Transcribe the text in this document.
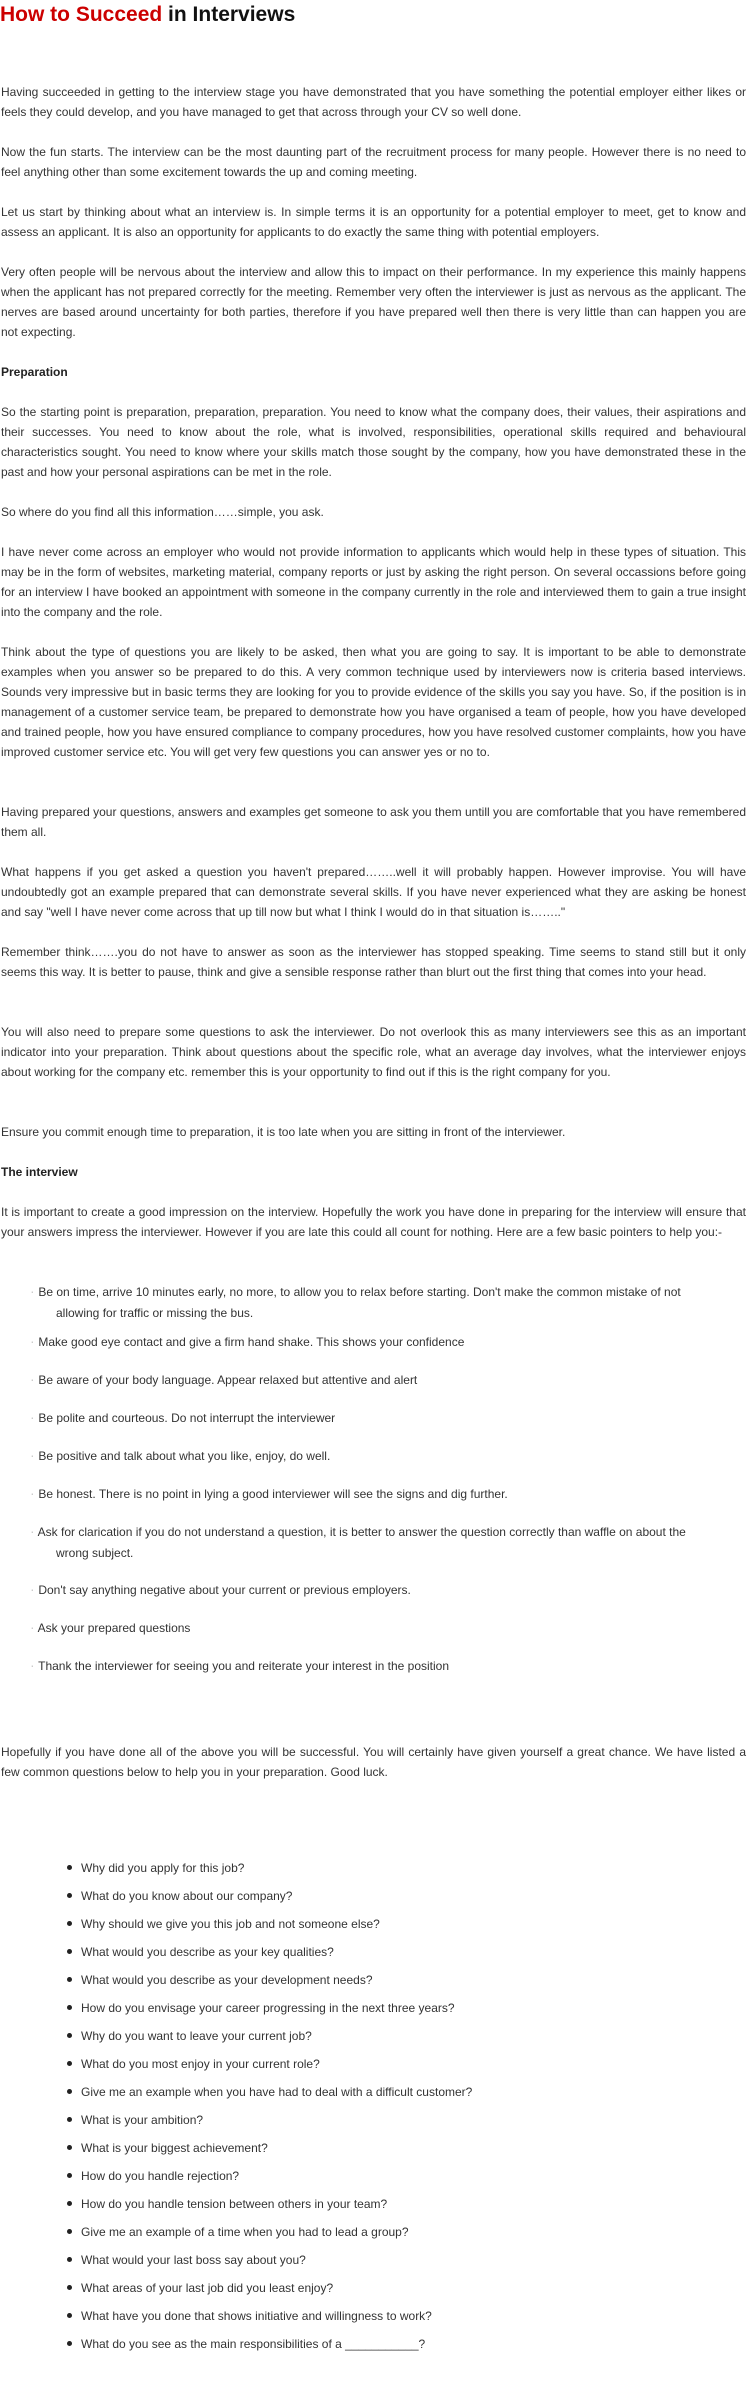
How to Succeed in Interviews

Having succeeded in getting to the interview stage you have demonstrated that you have something the potential employer either likes or feels they could develop, and you have managed to get that across through your CV so well done.

Now the fun starts. The interview can be the most daunting part of the recruitment process for many people. However there is no need to feel anything other than some excitement towards the up and coming meeting.

Let us start by thinking about what an interview is. In simple terms it is an opportunity for a potential employer to meet, get to know and assess an applicant. It is also an opportunity for applicants to do exactly the same thing with potential employers.

Very often people will be nervous about the interview and allow this to impact on their performance. In my experience this mainly happens when the applicant has not prepared correctly for the meeting. Remember very often the interviewer is just as nervous as the applicant. The nerves are based around uncertainty for both parties, therefore if you have prepared well then there is very little than can happen you are not expecting.

Preparation

So the starting point is preparation, preparation, preparation. You need to know what the company does, their values, their aspirations and their successes. You need to know about the role, what is involved, responsibilities, operational skills required and behavioural characteristics sought. You need to know where your skills match those sought by the company, how you have demonstrated these in the past and how your personal aspirations can be met in the role.

So where do you find all this information……simple, you ask.

I have never come across an employer who would not provide information to applicants which would help in these types of situation. This may be in the form of websites, marketing material, company reports or just by asking the right person. On several occassions before going for an interview I have booked an appointment with someone in the company currently in the role and interviewed them to gain a true insight into the company and the role.

Think about the type of questions you are likely to be asked, then what you are going to say. It is important to be able to demonstrate examples when you answer so be prepared to do this. A very common technique used by interviewers now is criteria based interviews. Sounds very impressive but in basic terms they are looking for you to provide evidence of the skills you say you have. So, if the position is in management of a customer service team, be prepared to demonstrate how you have organised a team of people, how you have developed and trained people, how you have ensured compliance to company procedures, how you have resolved customer complaints, how you have improved customer service etc. You will get very few questions you can answer yes or no to.

Having prepared your questions, answers and examples get someone to ask you them untill you are comfortable that you have remembered them all.

What happens if you get asked a question you haven't prepared……..well it will probably happen. However improvise. You will have undoubtedly got an example prepared that can demonstrate several skills. If you have never experienced what they are asking be honest and say "well I have never come across that up till now but what I think I would do in that situation is…….."

Remember think…….you do not have to answer as soon as the interviewer has stopped speaking. Time seems to stand still but it only seems this way. It is better to pause, think and give a sensible response rather than blurt out the first thing that comes into your head.

You will also need to prepare some questions to ask the interviewer. Do not overlook this as many interviewers see this as an important indicator into your preparation. Think about questions about the specific role, what an average day involves, what the interviewer enjoys about working for the company etc. remember this is your opportunity to find out if this is the right company for you.

Ensure you commit enough time to preparation, it is too late when you are sitting in front of the interviewer.

The interview

It is important to create a good impression on the interview. Hopefully the work you have done in preparing for the interview will ensure that your answers impress the interviewer. However if you are late this could all count for nothing. Here are a few basic pointers to help you:-

· Be on time, arrive 10 minutes early, no more, to allow you to relax before starting. Don't make the common mistake of not
allowing for traffic or missing the bus.
· Make good eye contact and give a firm hand shake. This shows your confidence
· Be aware of your body language. Appear relaxed but attentive and alert
· Be polite and courteous. Do not interrupt the interviewer
· Be positive and talk about what you like, enjoy, do well.
· Be honest. There is no point in lying a good interviewer will see the signs and dig further.
· Ask for clarication if you do not understand a question, it is better to answer the question correctly than waffle on about the
wrong subject.
· Don't say anything negative about your current or previous employers.
· Ask your prepared questions
· Thank the interviewer for seeing you and reiterate your interest in the position

Hopefully if you have done all of the above you will be successful. You will certainly have given yourself a great chance. We have listed a few common questions below to help you in your preparation. Good luck.

Why did you apply for this job?
What do you know about our company?
Why should we give you this job and not someone else?
What would you describe as your key qualities?
What would you describe as your development needs?
How do you envisage your career progressing in the next three years?
Why do you want to leave your current job?
What do you most enjoy in your current role?
Give me an example when you have had to deal with a difficult customer?
What is your ambition?
What is your biggest achievement?
How do you handle rejection?
How do you handle tension between others in your team?
Give me an example of a time when you had to lead a group?
What would your last boss say about you?
What areas of your last job did you least enjoy?
What have you done that shows initiative and willingness to work?
What do you see as the main responsibilities of a ___________?
